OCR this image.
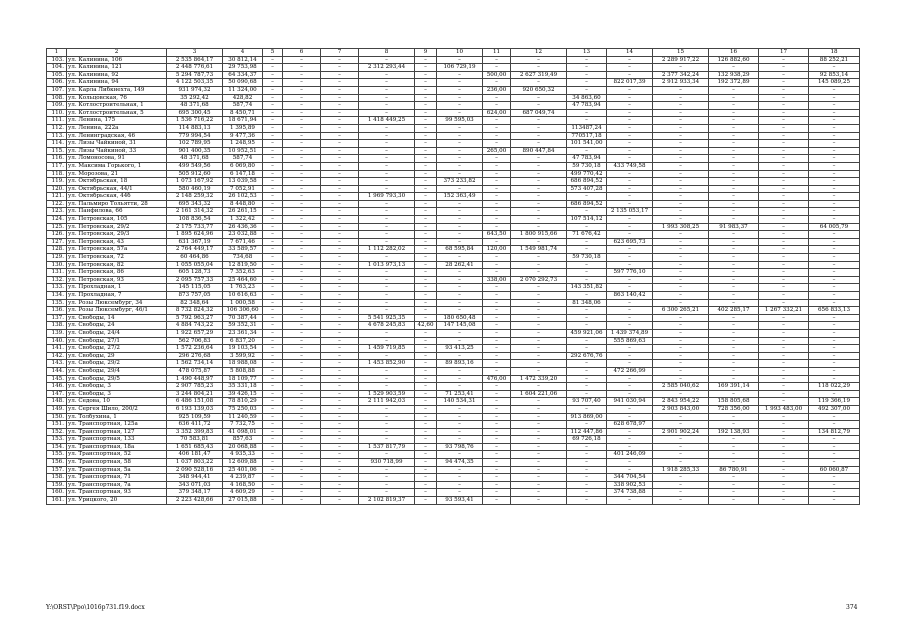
1	2	3	4	5	6	7	8	9	10	11	12	13	14	15	16	17	18
103.	ул. Калинина, 106	2 535 864,17	30 812,14	–	–	–	–	–	–	–	–	–	–	2 289 917,22	126 882,60	–	88 252,21
104.	ул. Калинина, 121	2 448 776,61	29 753,98	–	–	–	2 312 293,44	–	106 729,19	–	–	–	–	–	–	–	–
105.	ул. Калинина, 92	5 294 787,73	64 334,37	–	–	–	–	–	–	500,00	2 627 319,49	–	–	2 377 342,24	132 938,29	–	92 853,14
106.	ул. Калинина, 94	4 122 503,35	50 090,68	–	–	–	–	–	–	–	–	–	822 017,39	2 912 933,34	192 372,89	–	145 089,25
107.	ул. Карла Либкнехта, 149	931 974,32	11 324,00	–	–	–	–	–	–	236,00	920 650,32	–	–	–	–	–	–
108.	ул. Кольцовская, 76	35 292,42	428,82	–	–	–	–	–	–	–	–	34 863,60	–	–	–	–	–
109.	ул. Котлостроительная, 1	48 371,68	587,74	–	–	–	–	–	–	–	–	47 783,94	–	–	–	–	–
110.	ул. Котлостроительная, 5	695 300,45	8 450,71	–	–	–	–	–	–	624,00	687 049,74	–	–	–	–	–	–
111.	ул. Ленина, 175	1 536 716,22	18 671,94	–	–	–	1 418 449,25	–	99 595,03	–	–	–	–	–	–	–	–
112.	ул. Ленина, 222а	114 883,13	1 395,89	–	–	–	–	–	–	–	–	113487,24	–	–	–	–	–
113.	ул. Ленинградская, 46	779 994,54	9 477,36	–	–	–	–	–	–	–	–	770517,18	–	–	–	–	–
114.	ул. Лизы Чайкиной, 31	102 789,95	1 248,95	–	–	–	–	–	–	–	–	101 541,00	–	–	–	–	–
115.	ул. Лизы Чайкиной, 33	901 400,35	10 952,51	–	–	–	–	–	–	265,00	890 447,84	–	–	–	–	–	–
116.	ул. Ломоносова, 91	48 371,68	587,74	–	–	–	–	–	–	–	–	47 783,94	–	–	–	–	–
117.	ул. Максима Горького, 1	499 549,56	6 069,80	–	–	–	–	–	–	–	–	59 730,18	433 749,58	–	–	–	–
118.	ул. Морозова, 21	505 912,60	6 147,18	–	–	–	–	–	–	–	–	499 770,42	–	–	–	–	–
119.	ул. Октябрьская, 18	1 073 167,92	13 039,58	–	–	–	–	–	373 233,82	–	–	686 894,52	–	–	–	–	–
120.	ул. Октябрьская, 44/1	580 460,19	7 052,91	–	–	–	–	–	–	–	–	573 407,28	–	–	–	–	–
121.	ул. Октябрьская, 44б	2 148 259,32	26 102,53	–	–	–	1 969 793,30	–	152 363,49	–	–	–	–	–	–	–	–
122.	ул. Пальмиро Тольятти, 28	695 343,32	8 448,80	–	–	–	–	–	–	–	–	686 894,52	–	–	–	–	–
123.	ул. Панфилова, 66	2 161 314,32	26 261,15	–	–	–	–	–	–	–	–	–	2 135 053,17	–	–	–	–
124.	ул. Петровская, 105	108 836,54	1 322,42	–	–	–	–	–	–	–	–	107 514,12	–	–	–	–	–
125.	ул. Петровская, 29/2	2 175 733,77	26 436,36	–	–	–	–	–	–	–	–	–	–	1 993 308,25	91 983,37	–	64 005,79
126.	ул. Петровская, 29/3	1 895 624,96	23 032,88	–	–	–	–	–	–	643,50	1 800 915,66	71 676,42	–	–	–	–	–
127.	ул. Петровская, 43	631 367,19	7 671,46	–	–	–	–	–	–	–	–	–	623 695,73	–	–	–	–
128.	ул. Петровская, 57а	2 764 449,17	33 589,57	–	–	–	1 112 282,02	–	68 595,84	120,00	1 549 981,74	–	–	–	–	–	–
129.	ул. Петровская, 72	60 464,86	734,68	–	–	–	–	–	–	–	–	59 730,18	–	–	–	–	–
130.	ул. Петровская, 82	1 055 055,04	12 819,50	–	–	–	1 013 973,13	–	28 262,41	–	–	–	–	–	–	–	–
131.	ул. Петровская, 86	605 128,73	7 352,63	–	–	–	–	–	–	–	–	–	597 776,10	–	–	–	–
132.	ул. Петровская, 93	2 095 757,33	25 464,60	–	–	–	–	–	–	338,00	2 070 292,73	–	–	–	–	–	–
133.	ул. Прохладная, 1	145 115,05	1 763,23	–	–	–	–	–	–	–	–	143 351,82	–	–	–	–	–
134.	ул. Прохладная, 7	873 757,05	10 616,63	–	–	–	–	–	–	–	–	–	863 140,42	–	–	–	–
135.	ул. Розы Люксембург, 34	82 348,64	1 000,58	–	–	–	–	–	–	–	–	81 348,06	–	–	–	–	–
136.	ул. Розы Люксембург, 46/1	8 732 824,32	106 306,60	–	–	–	–	–	–	–	–	–	–	6 300 265,21	402 285,17	1 267 332,21	656 833,13
137.	ул. Свободы, 14	5 792 963,27	70 387,44	–	–	–	5 541 925,35	–	180 650,48	–	–	–	–	–	–	–	–
138.	ул. Свободы, 24	4 884 743,22	59 352,31	–	–	–	4 678 245,83	42,60	147 145,08	–	–	–	–	–	–	–	–
139.	ул. Свободы, 24/4	1 922 657,29	23 361,34	–	–	–	–	–	–	–	–	459 921,06	1 439 374,89	–	–	–	–
140.	ул. Свободы, 27/1	562 706,83	6 837,20	–	–	–	–	–	–	–	–	–	555 869,63	–	–	–	–
141.	ул. Свободы, 27/2	1 572 236,64	19 103,54	–	–	–	1 459 719,85	–	93 413,25	–	–	–	–	–	–	–	–
142.	ул. Свободы, 29	296 276,68	3 599,92	–	–	–	–	–	–	–	–	292 676,76	–	–	–	–	–
143.	ул. Свободы, 29/2	1 562 734,14	18 988,08	–	–	–	1 453 852,90	–	89 893,16	–	–	–	–	–	–	–	–
144.	ул. Свободы, 29/4	478 075,87	5 808,88	–	–	–	–	–	–	–	–	–	472 266,99	–	–	–	–
145.	ул. Свободы, 29/5	1 490 448,97	18 109,77	–	–	–	–	–	–	476,00	1 472 339,20	–	–	–	–	–	–
146.	ул. Свободы, 3	2 907 785,23	35 331,18	–	–	–	–	–	–	–	–	–	–	2 585 040,62	169 391,14	–	118 022,29
147.	ул. Свободы, 3	3 244 804,21	39 426,15	–	–	–	1 529 903,59	–	71 253,41	–	1 604 221,06	–	–	–	–	–	–
148.	ул. Седова, 10	6 486 151,08	78 810,29	–	–	–	2 111 942,03	–	140 534,31	–	–	93 707,40	941 030,94	2 843 954,22	158 805,68	–	119 366,19
149.	ул. Сергея Шило, 200/2	6 193 139,03	75 250,03	–	–	–	–	–	–	–	–	–	–	2 903 843,00	728 356,00	1 993 483,00	492 307,00
150.	ул. Толбухина, 1	925 109,59	11 240,59	–	–	–	–	–	–	–	–	913 869,00	–	–	–	–	–
151.	ул. Транспортная, 125а	636 411,72	7 732,75	–	–	–	–	–	–	–	–	–	628 678,97	–	–	–	–
152.	ул. Транспортная, 127	3 352 399,83	41 098,01	–	–	–	–	–	–	–	–	112 447,86	–	2 901 902,24	192 138,93	–	134 812,79
153.	ул. Транспортная, 133	70 583,81	857,63	–	–	–	–	–	–	–	–	69 726,18	–	–	–	–	–
154.	ул. Транспортная, 18а	1 651 685,43	20 068,88	–	–	–	1 537 817,79	–	93 798,76	–	–	–	–	–	–	–	–
155.	ул. Транспортная, 52	406 181,47	4 935,33	–	–	–	–	–	–	–	–	–	401 246,09	–	–	–	–
156.	ул. Транспортная, 58	1 037 803,22	12 609,88	–	–	–	930 718,99	–	94 474,35	–	–	–	–	–	–	–	–
157.	ул. Транспортная, 5а	2 090 528,16	25 401,06	–	–	–	–	–	–	–	–	–	–	1 918 285,33	86 780,91	–	60 060,87
158.	ул. Транспортная, 71	348 944,41	4 239,87	–	–	–	–	–	–	–	–	–	344 704,54	–	–	–	–
159.	ул. Транспортная, 7а	343 071,03	4 168,50	–	–	–	–	–	–	–	–	–	338 902,53	–	–	–	–
160.	ул. Транспортная, 93	379 348,17	4 609,29	–	–	–	–	–	–	–	–	–	374 738,88	–	–	–	–
161.	ул. Урицкого, 20	2 223 428,66	27 015,88	–	–	–	2 102 819,37	–	93 593,41	–	–	–	–	–	–	–	–
Y:\ORST\Ppo\1016p731.f19.docx	374
